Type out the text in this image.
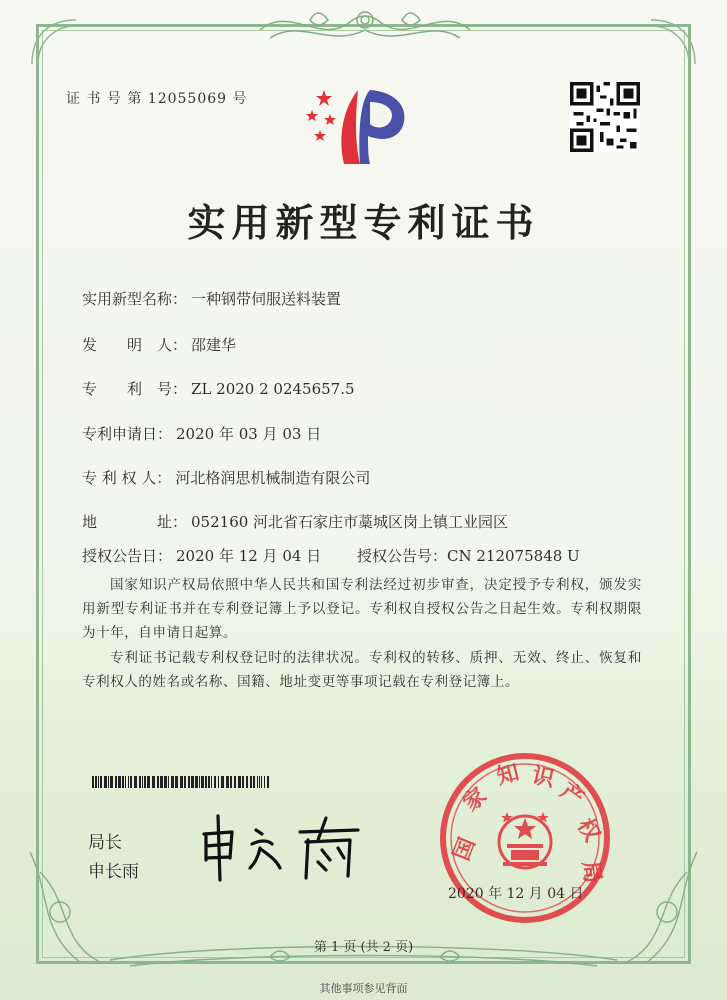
证 书 号 第 12055069 号
实用新型专利证书
实用新型名称： 一种钢带伺服送料装置
发　　明　人： 邵建华
专　　利　号： ZL 2020 2 0245657.5
专利申请日： 2020 年 03 月 03 日
专 利 权 人： 河北格润思机械制造有限公司
地　　　　址： 052160 河北省石家庄市藁城区岗上镇工业园区
授权公告日： 2020 年 12 月 04 日 授权公告号：CN 212075848 U
国家知识产权局依照中华人民共和国专利法经过初步审查，决定授予专利权，颁发实用新型专利证书并在专利登记簿上予以登记。专利权自授权公告之日起生效。专利权期限为十年，自申请日起算。
专利证书记载专利权登记时的法律状况。专利权的转移、质押、无效、终止、恢复和专利权人的姓名或名称、国籍、地址变更等事项记载在专利登记簿上。
局长
申长雨
国
家
知 识
产
权
局
2020 年 12 月 04 日
第 1 页 (共 2 页)
其他事项参见背面
